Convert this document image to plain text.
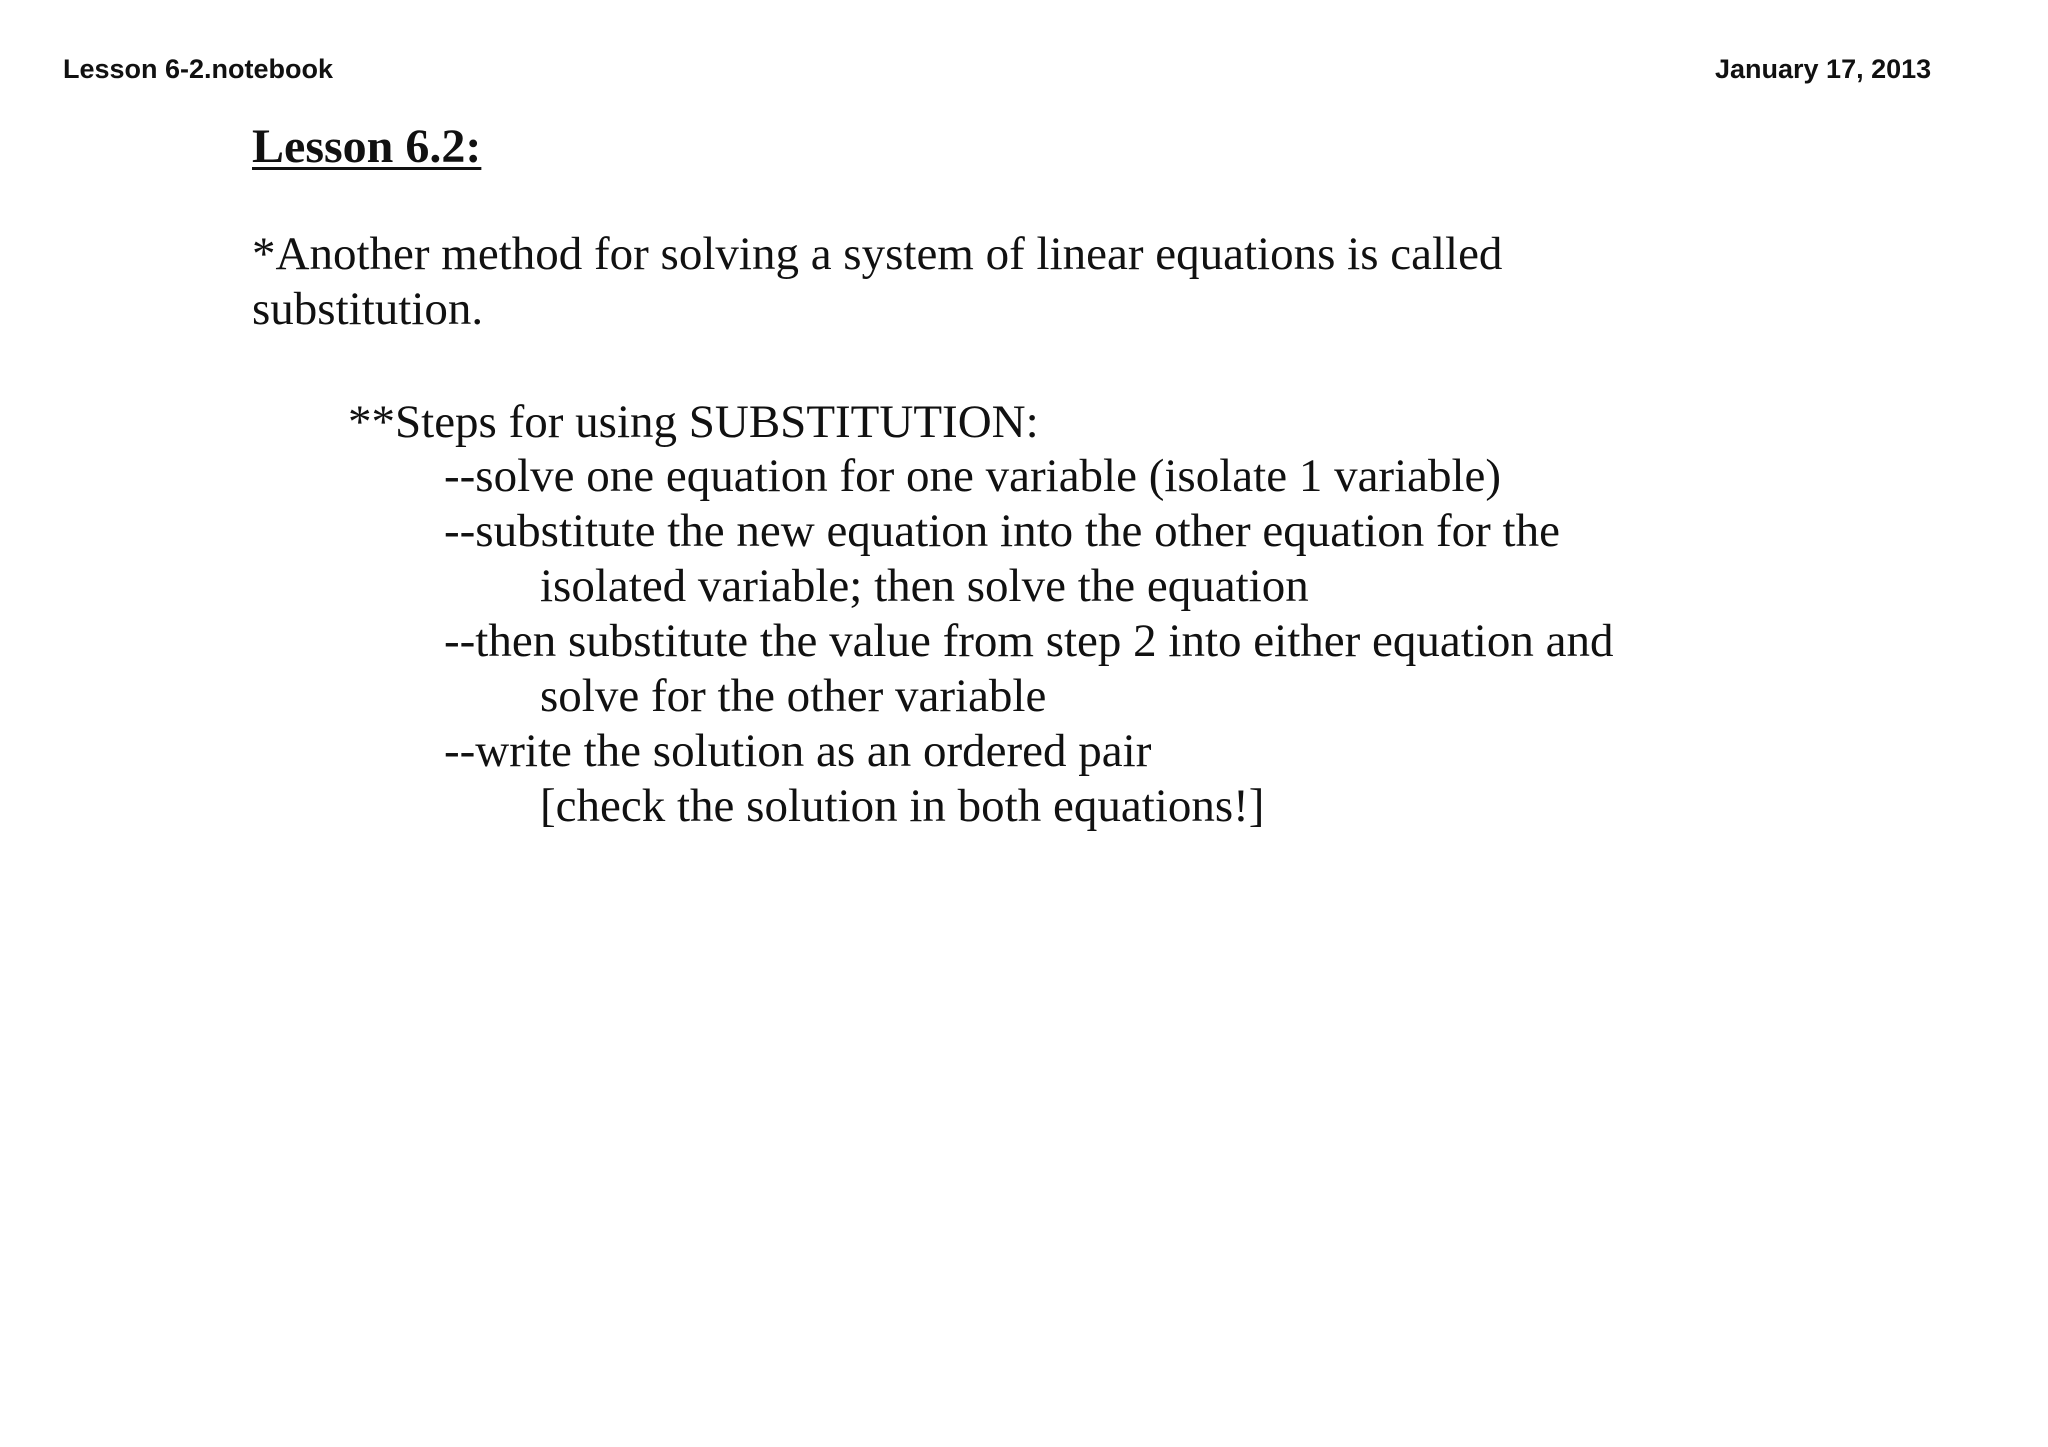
Lesson 6-2.notebook	January 17, 2013
Lesson 6.2:
*Another method for solving a system of linear equations is called
substitution.
**Steps for using SUBSTITUTION:
--solve one equation for one variable (isolate 1 variable)
--substitute the new equation into the other equation for the
isolated variable; then solve the equation
--then substitute the value from step 2 into either equation and
solve for the other variable
--write the solution as an ordered pair
[check the solution in both equations!]
